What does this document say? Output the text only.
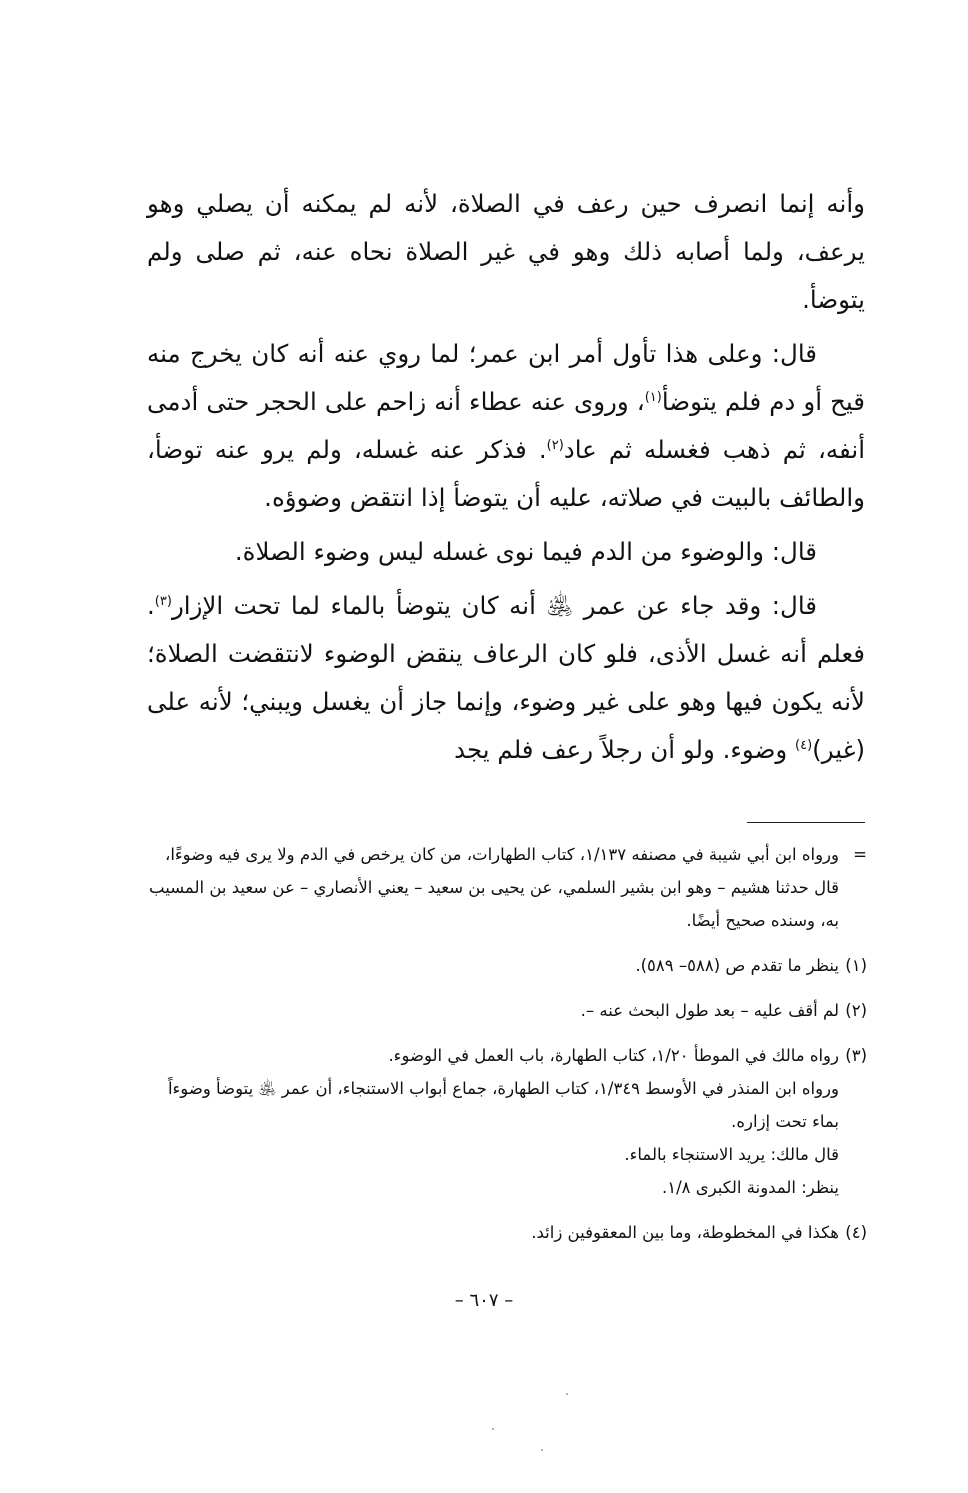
وأنه إنما انصرف حين رعف في الصلاة، لأنه لم يمكنه أن يصلي وهو يرعف، ولما أصابه ذلك وهو في غير الصلاة نحاه عنه، ثم صلى ولم يتوضأ.

قال: وعلى هذا تأول أمر ابن عمر؛ لما روي عنه أنه كان يخرج منه قيح أو دم فلم يتوضأ$^{(١)}$، وروى عنه عطاء أنه زاحم على الحجر حتى أدمى أنفه، ثم ذهب فغسله ثم عاد$^{(٢)}$. فذكر عنه غسله، ولم يرو عنه توضأ، والطائف بالبيت في صلاته، عليه أن يتوضأ إذا انتقض وضوؤه.

قال: والوضوء من الدم فيما نوى غسله ليس وضوء الصلاة.

قال: وقد جاء عن عمر ﵁ أنه كان يتوضأ بالماء لما تحت الإزار$^{(٣)}$. فعلم أنه غسل الأذى، فلو كان الرعاف ينقض الوضوء لانتقضت الصلاة؛ لأنه يكون فيها وهو على غير وضوء، وإنما جاز أن يغسل ويبني؛ لأنه على (غير)$^{(٤)}$ وضوء. ولو أن رجلاً رعف فلم يجد

=
ورواه ابن أبي شيبة في مصنفه ١/١٣٧، كتاب الطهارات، من كان يرخص في الدم ولا يرى فيه وضوءًا، قال حدثنا هشيم – وهو ابن بشير السلمي، عن يحيى بن سعيد – يعني الأنصاري – عن سعيد بن المسيب به، وسنده صحيح أيضًا.
(١)
ينظر ما تقدم ص (٥٨٨– ٥٨٩).
(٢)
لم أقف عليه – بعد طول البحث عنه –.
(٣)
رواه مالك في الموطأ ١/٢٠، كتاب الطهارة، باب العمل في الوضوء.
ورواه ابن المنذر في الأوسط ١/٣٤٩، كتاب الطهارة، جماع أبواب الاستنجاء، أن عمر ﵁ يتوضأ وضوءاً بماء تحت إزاره.
قال مالك: يريد الاستنجاء بالماء.
ينظر: المدونة الكبرى ١/٨.
(٤)
هكذا في المخطوطة، وما بين المعقوفين زائد.
– ٦٠٧ –
